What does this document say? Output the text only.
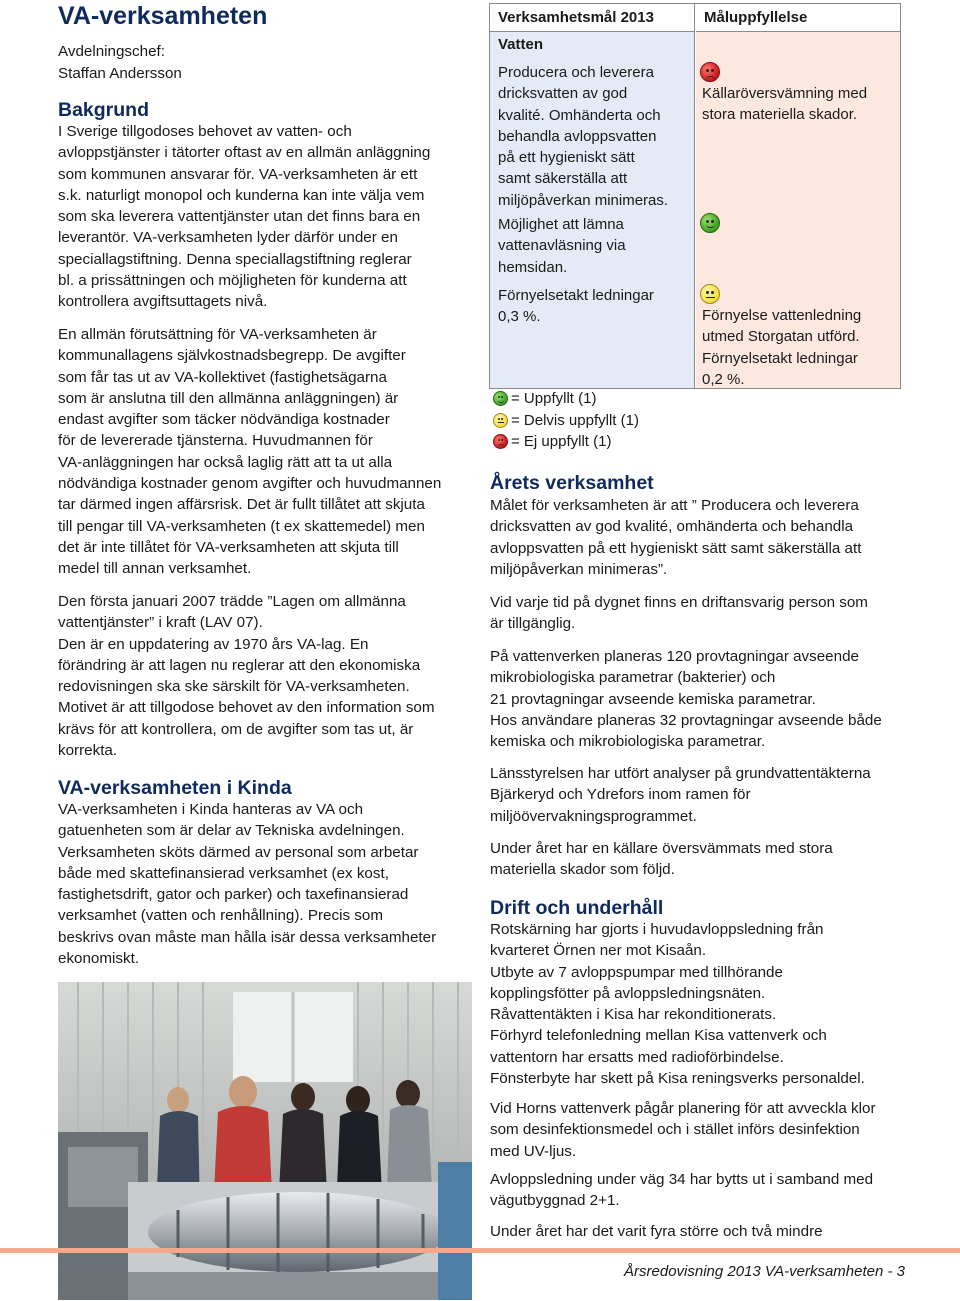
VA-verksamheten
Avdelningschef:
Staffan Andersson
Bakgrund
I Sverige tillgodoses behovet av vatten- och
avloppstjänster i tätorter oftast av en allmän anläggning
som kommunen ansvarar för. VA-verksamheten är ett
s.k. naturligt monopol och kunderna kan inte välja vem
som ska leverera vattentjänster utan det finns bara en
leverantör. VA-verksamheten lyder därför under en
speciallagstiftning. Denna speciallagstiftning reglerar
bl. a prissättningen och möjligheten för kunderna att
kontrollera avgiftsuttagets nivå.
En allmän förutsättning för VA-verksamheten är
kommunallagens självkostnadsbegrepp. De avgifter
som får tas ut av VA-kollektivet (fastighetsägarna
som är anslutna till den allmänna anläggningen) är
endast avgifter som täcker nödvändiga kostnader
för de levererade tjänsterna. Huvudmannen för
VA-anläggningen har också laglig rätt att ta ut alla
nödvändiga kostnader genom avgifter och huvudmannen
tar därmed ingen affärsrisk. Det är fullt tillåtet att skjuta
till pengar till VA-verksamheten (t ex skattemedel) men
det är inte tillåtet för VA-verksamheten att skjuta till
medel till annan verksamhet.
Den första januari 2007 trädde ”Lagen om allmänna
vattentjänster” i kraft (LAV 07).
Den är en uppdatering av 1970 års VA-lag. En
förändring är att lagen nu reglerar att den ekonomiska
redovisningen ska ske särskilt för VA-verksamheten.
Motivet är att tillgodose behovet av den information som
krävs för att kontrollera, om de avgifter som tas ut, är
korrekta.
VA-verksamheten i Kinda
VA-verksamheten i Kinda hanteras av VA och
gatuenheten som är delar av Tekniska avdelningen.
Verksamheten sköts därmed av personal som arbetar
både med skattefinansierad verksamhet (ex kost,
fastighetsdrift, gator och parker) och taxefinansierad
verksamhet (vatten och renhållning). Precis som
beskrivs ovan måste man hålla isär dessa verksamheter
ekonomiskt.
Verksamhetsmål 2013	Måluppfyllelse
Vatten
Producera och leverera
dricksvatten av god
kvalité. Omhänderta och
behandla avloppsvatten
på ett hygieniskt sätt
samt säkerställa att
miljöpåverkan minimeras.
Källaröversvämning med
stora materiella skador.
Möjlighet att lämna
vattenavläsning via
hemsidan.
Förnyelsetakt ledningar
0,3 %.	Förnyelse vattenledning
utmed Storgatan utförd.
Förnyelsetakt ledningar
0,2 %.
= Uppfyllt (1)
= Delvis uppfyllt (1)
= Ej uppfyllt (1)
Årets verksamhet
Målet för verksamheten är att ” Producera och leverera
dricksvatten av god kvalité, omhänderta och behandla
avloppsvatten på ett hygieniskt sätt samt säkerställa att
miljöpåverkan minimeras”.
Vid varje tid på dygnet finns en driftansvarig person som
är tillgänglig.
På vattenverken planeras 120 provtagningar avseende
mikrobiologiska parametrar (bakterier) och
21 provtagningar avseende kemiska parametrar.
Hos användare planeras 32 provtagningar avseende både
kemiska och mikrobiologiska parametrar.
Länsstyrelsen har utfört analyser på grundvattentäkterna
Bjärkeryd och Ydrefors inom ramen för
miljöövervakningsprogrammet.
Under året har en källare översvämmats med stora
materiella skador som följd.
Drift och underhåll
Rotskärning har gjorts i huvudavloppsledning från
kvarteret Örnen ner mot Kisaån.
Utbyte av 7 avloppspumpar med tillhörande
kopplingsfötter på avloppsledningsnäten.
Råvattentäkten i Kisa har rekonditionerats.
Förhyrd telefonledning mellan Kisa vattenverk och
vattentorn har ersatts med radioförbindelse.
Fönsterbyte har skett på Kisa reningsverks personaldel.
Vid Horns vattenverk pågår planering för att avveckla klor
som desinfektionsmedel och i stället införs desinfektion
med UV-ljus.
Avloppsledning under väg 34 har bytts ut i samband med
vägutbyggnad 2+1.
Under året har det varit fyra större och två mindre
Årsredovisning 2013 VA-verksamheten - 3
